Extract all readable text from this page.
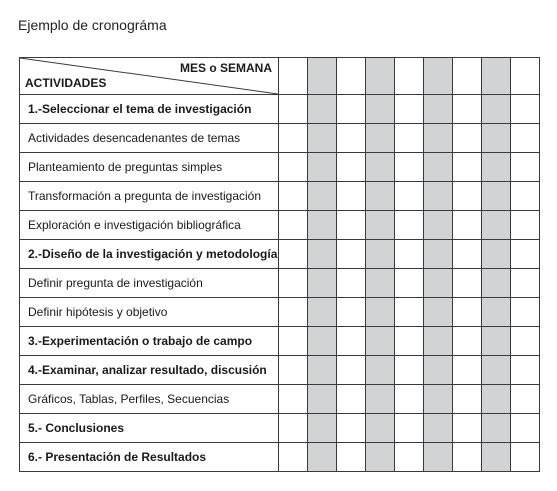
Ejemplo de cronográma
MES o SEMANA
ACTIVIDADES									

1.-Seleccionar el tema de investigación									
Actividades desencadenantes de temas									
Planteamiento de preguntas simples									
Transformación a pregunta de investigación									
Exploración e investigación bibliográfica									
2.-Diseño de la investigación y metodología									
Definir pregunta de investigación									
Definir hipótesis y objetivo									
3.-Experimentación o trabajo de campo									
4.-Examinar, analizar resultado, discusión									
Gráficos, Tablas, Perfiles, Secuencias									
5.- Conclusiones									
6.- Presentación de Resultados									
